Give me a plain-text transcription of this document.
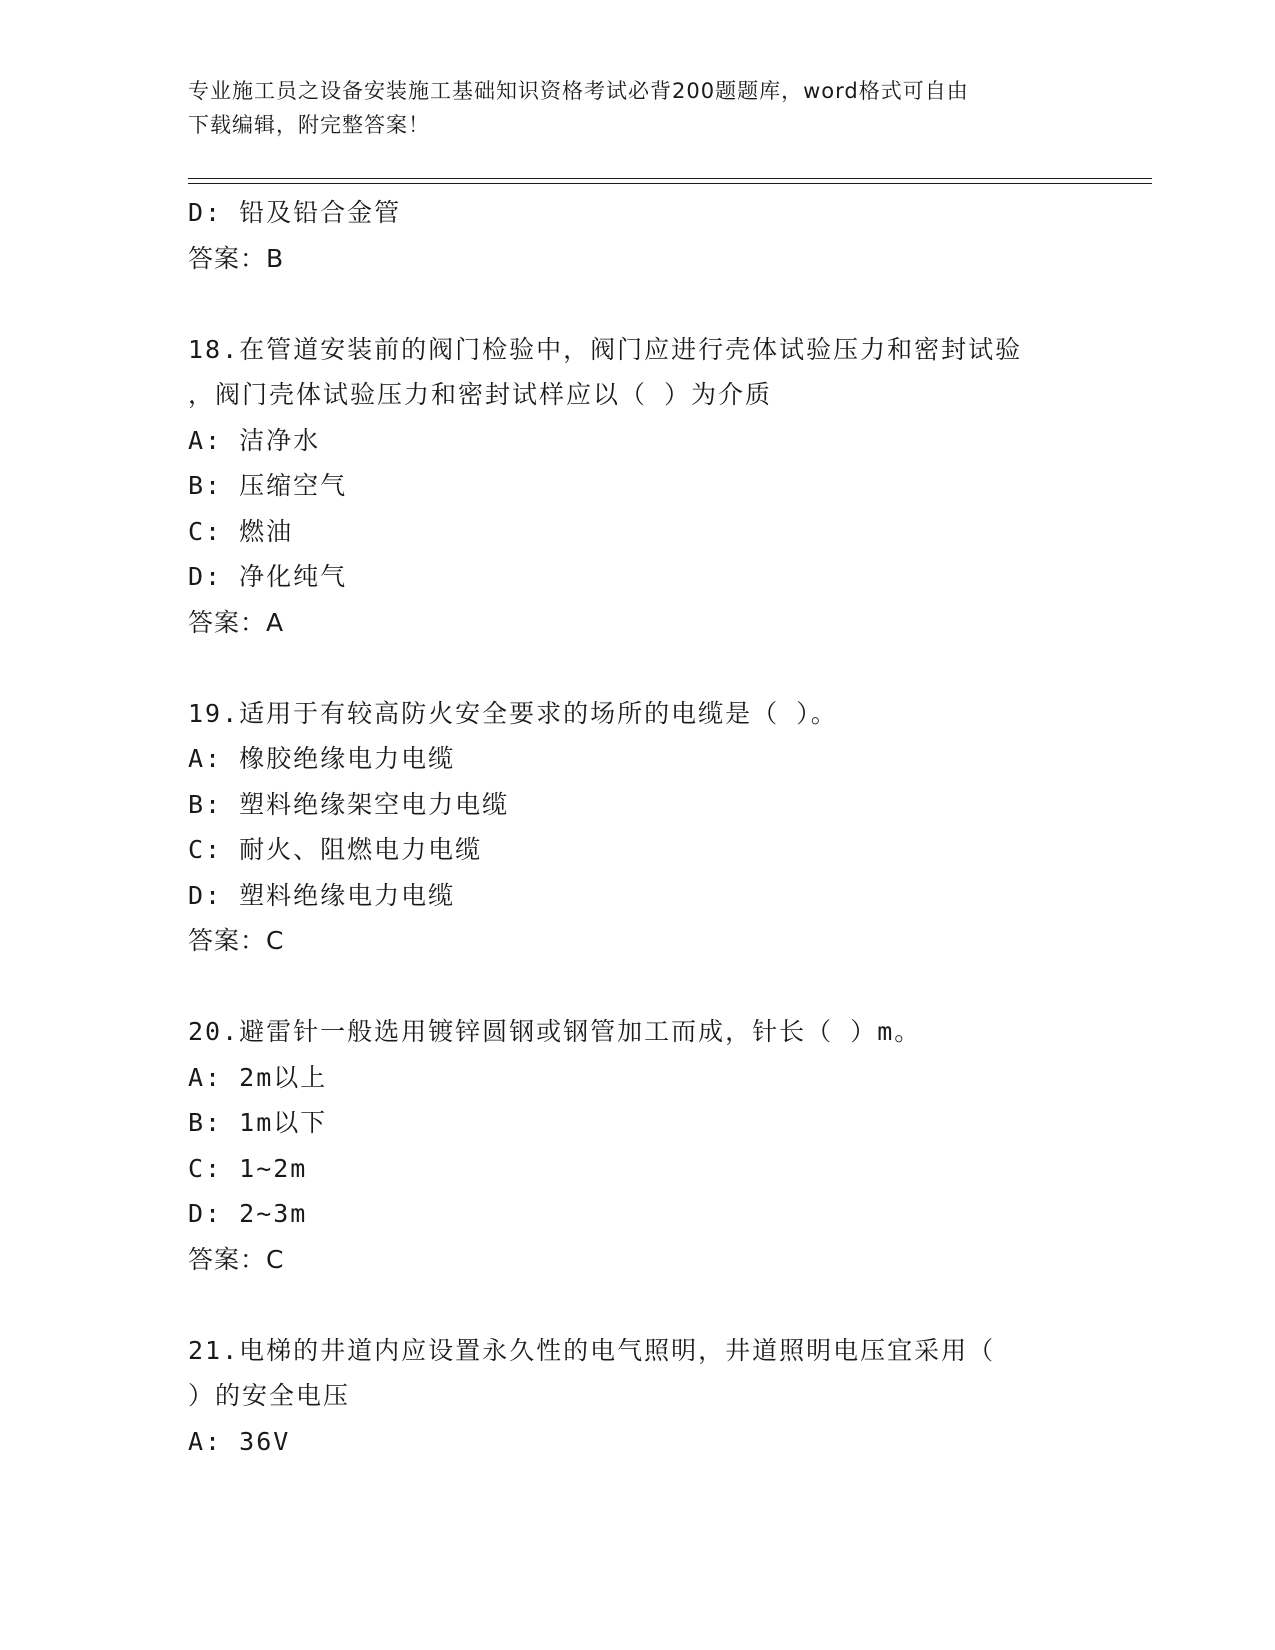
专业施工员之设备安装施工基础知识资格考试必背200题题库，word格式可自由
下载编辑，附完整答案！
D: 铅及铅合金管
答案：B
18.在管道安装前的阀门检验中，阀门应进行壳体试验压力和密封试验
，阀门壳体试验压力和密封试样应以（ ）为介质
A: 洁净水
B: 压缩空气
C: 燃油
D: 净化纯气
答案：A
19.适用于有较高防火安全要求的场所的电缆是（ ）。
A: 橡胶绝缘电力电缆
B: 塑料绝缘架空电力电缆
C: 耐火、阻燃电力电缆
D: 塑料绝缘电力电缆
答案：C
20.避雷针一般选用镀锌圆钢或钢管加工而成，针长（ ）m。
A: 2m以上
B: 1m以下
C: 1~2m
D: 2~3m
答案：C
21.电梯的井道内应设置永久性的电气照明，井道照明电压宜采用（
）的安全电压
A: 36V
